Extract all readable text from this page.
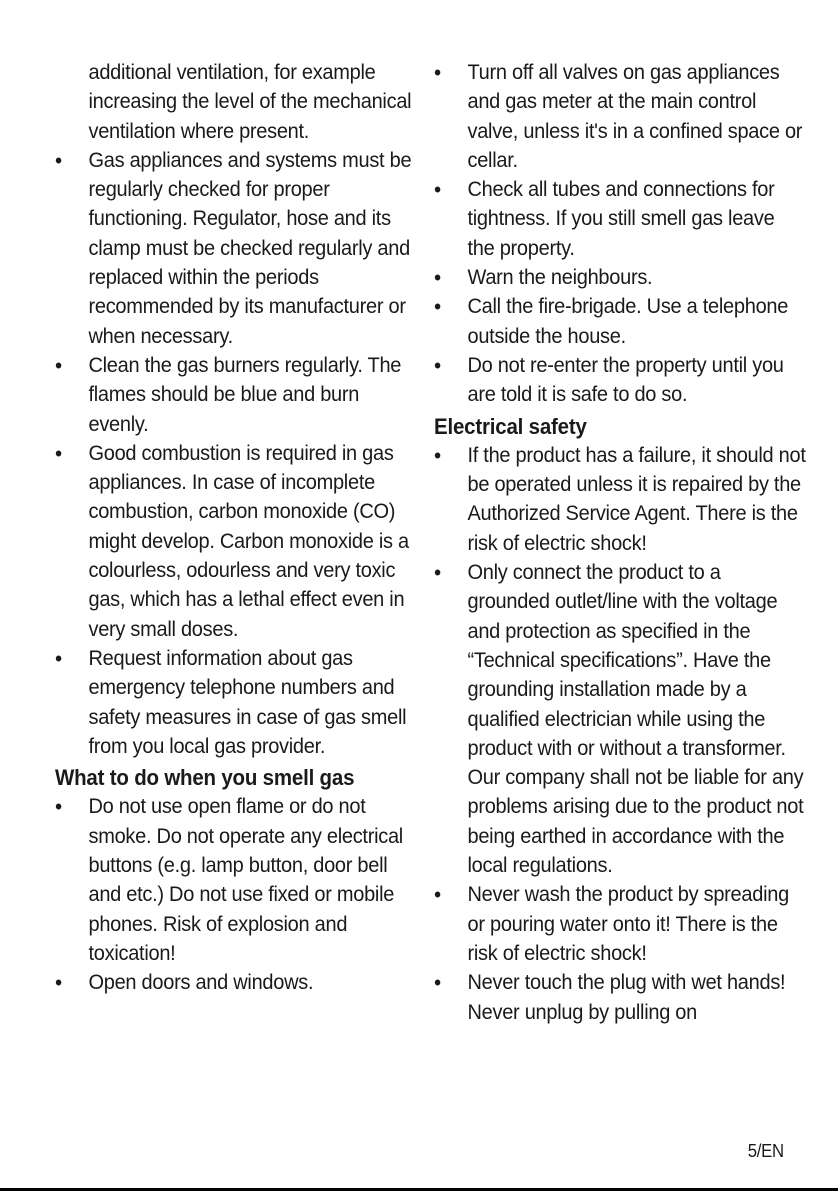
additional ventilation, for example increasing the level of the mechanical ventilation where present.
• Gas appliances and systems must be regularly checked for proper functioning. Regulator, hose and its clamp must be checked regularly and replaced within the periods recommended by its manufacturer or when necessary.
• Clean the gas burners regularly. The flames should be blue and burn evenly.
• Good combustion is required in gas appliances. In case of incomplete combustion, carbon monoxide (CO) might develop. Carbon monoxide is a colourless, odourless and very toxic gas, which has a lethal effect even in very small doses.
• Request information about gas emergency telephone numbers and safety measures in case of gas smell from you local gas provider.
What to do when you smell gas
• Do not use open flame or do not smoke. Do not operate any electrical buttons (e.g. lamp button, door bell and etc.) Do not use fixed or mobile phones. Risk of explosion and toxication!
• Open doors and windows.
• Turn off all valves on gas appliances and gas meter at the main control valve, unless it's in a confined space or cellar.
• Check all tubes and connections for tightness. If you still smell gas leave the property.
• Warn the neighbours.
• Call the fire-brigade. Use a telephone outside the house.
• Do not re-enter the property until you are told it is safe to do so.
Electrical safety
• If the product has a failure, it should not be operated unless it is repaired by the Authorized Service Agent. There is the risk of electric shock!
• Only connect the product to a grounded outlet/line with the voltage and protection as specified in the “Technical specifications”. Have the grounding installation made by a qualified electrician while using the product with or without a transformer. Our company shall not be liable for any problems arising due to the product not being earthed in accordance with the local regulations.
• Never wash the product by spreading or pouring water onto it! There is the risk of electric shock!
• Never touch the plug with wet hands! Never unplug by pulling on
5/EN
